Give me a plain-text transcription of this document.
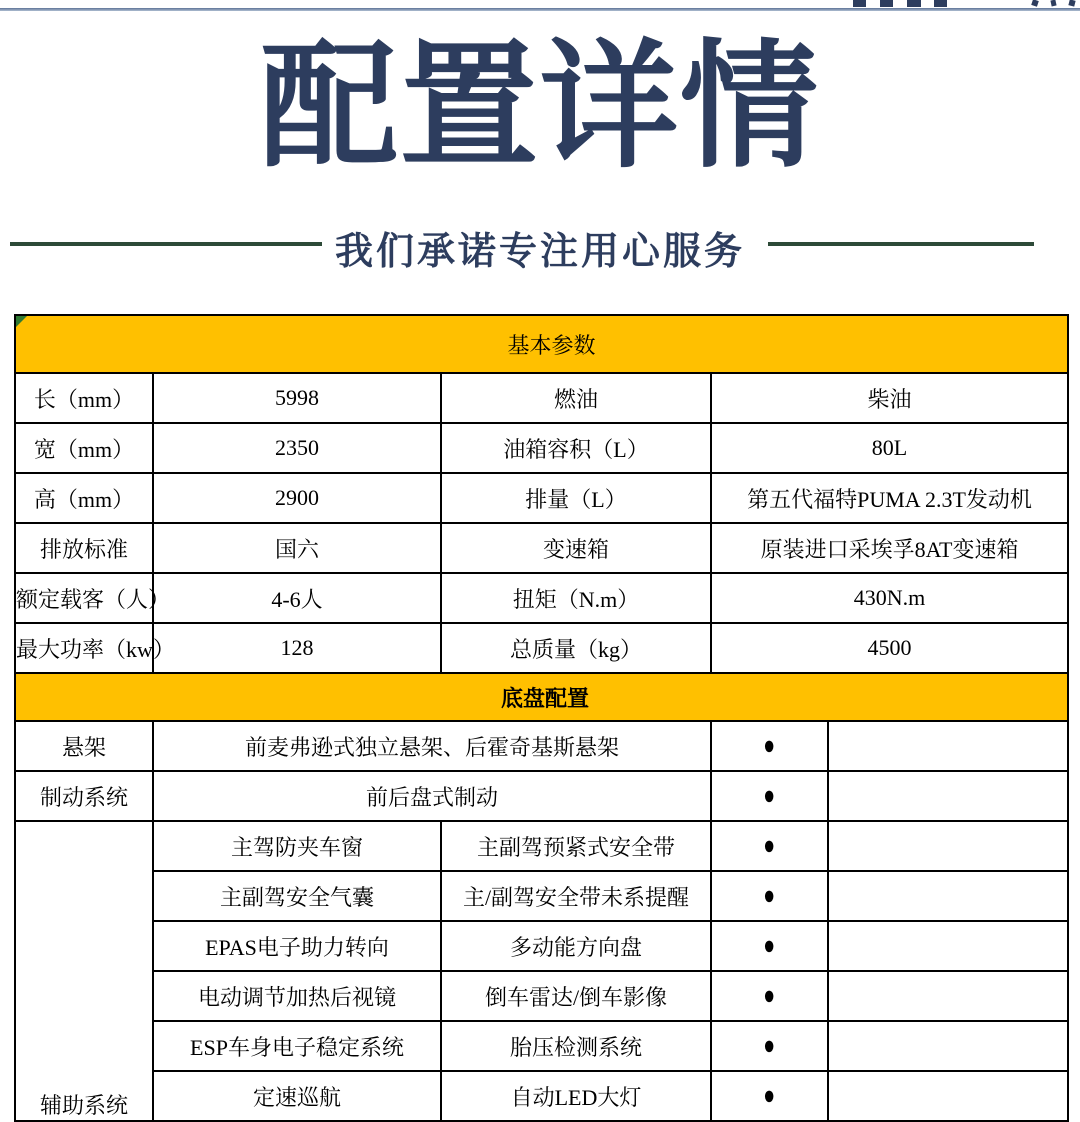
配置详情
我们承诺专注用心服务
基本参数				
长（mm）	5998	燃油	柴油	
宽（mm）	2350	油箱容积（L）	80L	
高（mm）	2900	排量（L）	第五代福特PUMA 2.3T发动机	
排放标准	国六	变速箱	原装进口采埃孚8AT变速箱	
额定载客（人）	4-6人	扭矩（N.m）	430N.m	
最大功率（kw）	128	总质量（kg）	4500	
底盘配置				
悬架	前麦弗逊式独立悬架、后霍奇基斯悬架		●	
制动系统	前后盘式制动		●	
辅助系统	主驾防夹车窗	主副驾预紧式安全带	●	
	主副驾安全气囊	主/副驾安全带未系提醒	●	
	EPAS电子助力转向	多动能方向盘	●	
	电动调节加热后视镜	倒车雷达/倒车影像	●	
	ESP车身电子稳定系统	胎压检测系统	●	
	定速巡航	自动LED大灯	●	
